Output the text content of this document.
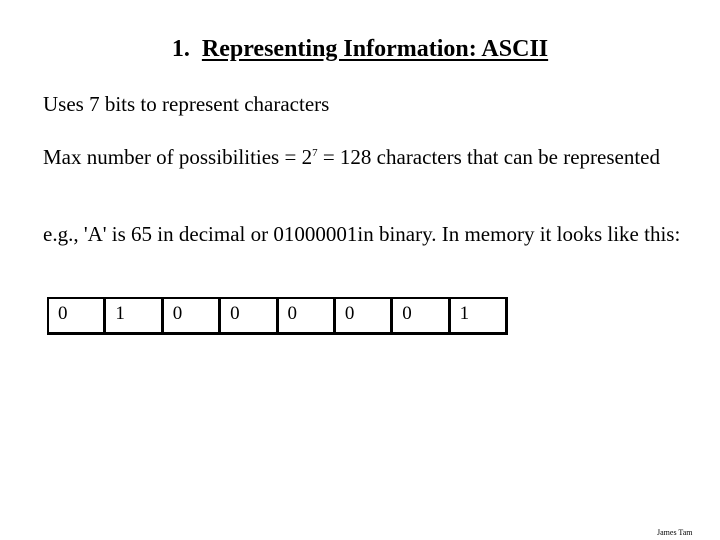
1. Representing Information: ASCII
Uses 7 bits to represent characters
Max number of possibilities = $2^7 = 128$ characters that can be represented
e.g., 'A' is 65 in decimal or 01000001in binary. In memory it looks like this:
0	1	0	0	0	0	0	1
James Tam
